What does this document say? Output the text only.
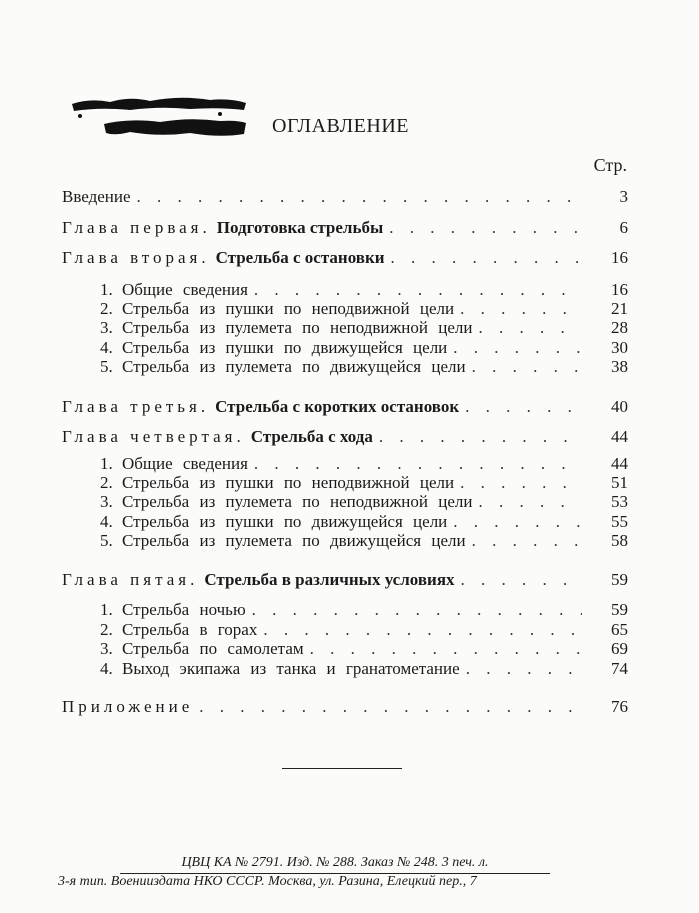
ОГЛАВЛЕНИЕ
Стр.
Введение . . .	3
Глава первая. Подготовка стрельбы . . .	6
Глава вторая. Стрельба с остановки . . .	16
1. Общие сведения . . .	16
2. Стрельба из пушки по неподвижной цели . . .	21
3. Стрельба из пулемета по неподвижной цели . . .	28
4. Стрельба из пушки по движущейся цели . . .	30
5. Стрельба из пулемета по движущейся цели . . .	38
Глава третья. Стрельба с коротких остановок . . .	40
Глава четвертая. Стрельба с хода . . .	44
1. Общие сведения . . .	44
2. Стрельба из пушки по неподвижной цели . . .	51
3. Стрельба из пулемета по неподвижной цели . . .	53
4. Стрельба из пушки по движущейся цели . . .	55
5. Стрельба из пулемета по движущейся цели . . .	58
Глава пятая. Стрельба в различных условиях . . .	59
1. Стрельба ночью . . .	59
2. Стрельба в горах . . .	65
3. Стрельба по самолетам . . .	69
4. Выход экипажа из танка и гранатометание . . .	74
Приложение . . .	76
ЦВЦ КА № 2791. Изд. № 288. Заказ № 248. 3 печ. л.
3-я тип. Военииздата НКО СССР. Москва, ул. Разина, Елецкий пер., 7
